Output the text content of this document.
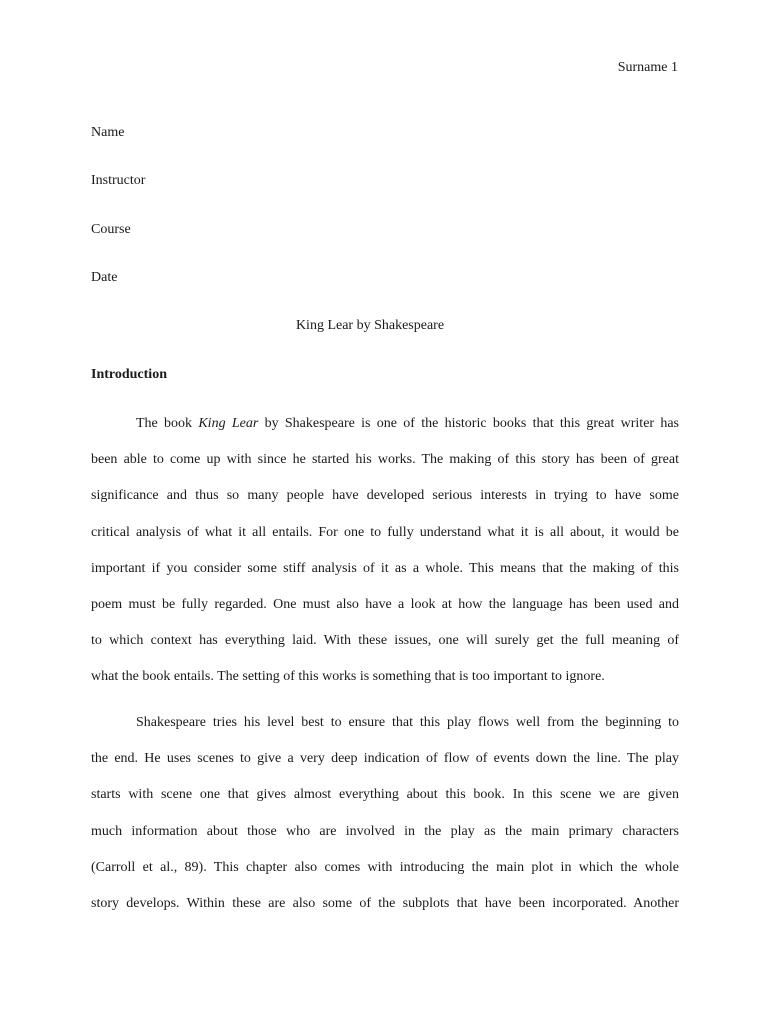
Surname 1
Name
Instructor
Course
Date
King Lear by Shakespeare
Introduction
The book King Lear by Shakespeare is one of the historic books that this great writer has
been able to come up with since he started his works. The making of this story has been of great
significance and thus so many people have developed serious interests in trying to have some
critical analysis of what it all entails. For one to fully understand what it is all about, it would be
important if you consider some stiff analysis of it as a whole. This means that the making of this
poem must be fully regarded. One must also have a look at how the language has been used and
to which context has everything laid. With these issues, one will surely get the full meaning of
what the book entails. The setting of this works is something that is too important to ignore.
Shakespeare tries his level best to ensure that this play flows well from the beginning to
the end. He uses scenes to give a very deep indication of flow of events down the line. The play
starts with scene one that gives almost everything about this book. In this scene we are given
much information about those who are involved in the play as the main primary characters
(Carroll et al., 89). This chapter also comes with introducing the main plot in which the whole
story develops. Within these are also some of the subplots that have been incorporated. Another
